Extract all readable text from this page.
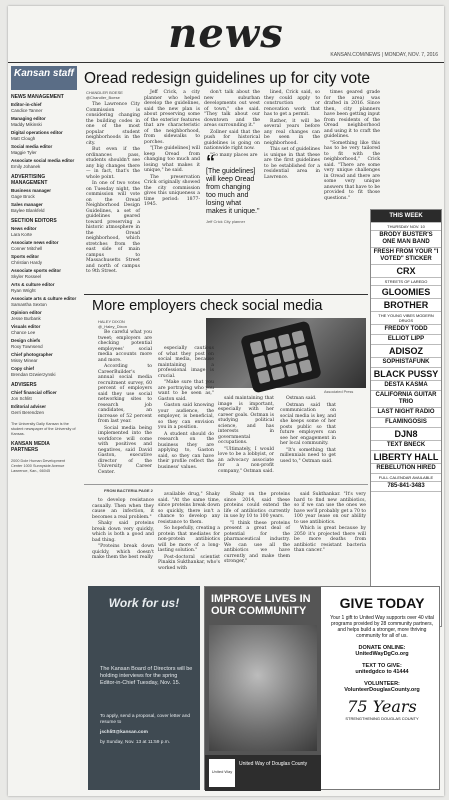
news	KANSAN.COM/NEWS | MONDAY, NOV. 7, 2016
Kansan staff
NEWS MANAGEMENT
Editor-in-chief
Candice Tanner
Managing editor
Maddy Mikinski
Digital operations editor
Matt Clough
Social media editor
Maggie Tyler
Associate social media editor
Emily Johanek
ADVERTISING MANAGEMENT
Business manager
Gage Brock
Sales manager
Baylee Blankfeld
SECTION EDITORS
News editor
Lara Korte
Associate news editor
Conner Mitchell
Sports editor
Christian Hardy
Associate sports editor
Skyler Rosseel
Arts & culture editor
Ryan Wright
Associate arts & culture editor
Samantha Sexton
Opinion editor
Jesse Burbank
Visuals editor
Chance Lee
Design chiefs
Roxy Townsend
Chief photographer
Missy Minear
Copy chief
Brendan Dzwierzynski
ADVISERS
Chief financial officer
Jon Schlitt
Editorial adviser
Gerri Berendzen
The University Daily Kansan is the student newspaper of the University of Kansas.
KANSAN MEDIA PARTNERS
2000 Dole Human Development Center 1000 Sunnyside Avenue Lawrence, Kan., 66045
Oread redesign guidelines up for city vote
CHANDLER BOESE
@Chandler_Boese

The Lawrence City Commission is considering changing the building codes in one of the most popular student neighborhoods in the city.

But even if the ordinances pass, students shouldn't see any big changes there — in fact, that's the whole point.

In one of two votes on Tuesday night, the commission will vote on the Oread Neighborhood Design Guidelines, a set of guidelines geared toward preserving a historic atmosphere in the Oread neighborhood, which stretches from the east side of main campus to Massachusetts Street and north of campus to 9th Street.

Jeff Crick, a city planner who helped develop the guidelines, said the new plan is about preserving some of the exterior features that are characteristic of the neighborhood, from sidewalks to porches.

"[The guidelines] will keep Oread from changing too much and losing what makes it unique," he said.

The preservation Crick originally showed the city commission gives this uniqueness a time period: 1877-1945.

don't talk about the new suburban developments out west of town," she said. "They talk about our downtown and the areas surrounding it."

Zollner said that the push for historical guidelines is going on nationwide right now.

"So many places are

“
[The guidelines] will keep Oread from changing too much and losing what makes it unique."
Jeff Crick City planner

lined, Crick said, so they could apply to construction or renovation work that has to get a permit.

Rather, it will be several years before any real changes can be seen in the neighborhood.

This set of guidelines is unique in that these are the first guidelines to be established for a residential area in Lawrence.

times geared grade for the area) was drafted in 2016. Since then, city planners have been getting input from residents of the Oread neighborhood and using it to craft the guidelines.

"Something like this has to be very tailored to fit with the neighborhood," Crick said. "There are some very unique challenges in Oread and there are some very unique answers that have to be provided to fit those questions."

More employers check social media
HALEY DIXON
@_Haley_Dixon

Be careful what you tweet; employers are checking potential employees' social media accounts more and more.

According to CareerBuilder's annual social media recruitment survey, 60 percent of employers said they use social networking sites to research job candidates, an increase of 52 percent from last year.

Social media being implemented into the workforce will come with positives and negatives, said David Gaston, executive director of the University Career Center.

Associated Press

especially cautious of what they post on social media, because maintaining a professional image is crucial.

"Make sure that you are portraying who you want to be seen as," Gaston said.

Gaston said knowing your audience, the employer, is beneficial, so they can envision you in a position.

A student should do research on the business they are applying to, Gaston said, so they can have their profile reflect the business' values.

said maintaining that image is important, especially with her career goals. Ostman is studying political science, and has interests in governmental occupations.

"Ultimately, I would love to be a lobbyist, or an advocacy associate for a non-profit company," Ostman said.

Ostman said.

Ostman said that communication on social media is key, and she keeps some of her posts public so that future employers can see her engagement in her local community.

"It's something that millennials need to get used to," Ostman said.

FROM BACTERIA PAGE 2

to develop resistance casually. Then when they cause an infection, it becomes a real problem."

Shaky said proteins break down very quickly, which is both a good and bad thing.

"Proteins break down quickly, which doesn't make them the best really

available drug," Shaky said. "At the same time, since proteins break down so quickly, there isn't a chance to develop any resistance to them.

So hopefully, creating a protein that mediates for non-protein antibiotics will be more of a long-lasting solution."

Post-doctoral scientist Pinakin Sukthankar, who's worked with

Shaky on the proteins since 2014, said these proteins could extend the life of antibiotics currently in use by 10 to 100 years.

"I think these proteins present a great deal of potential for the pharmaceutical industry. We can use all the antibiotics we have currently and make them stronger,"

said Sukthankar. "It's very hard to find new antibiotics, so if we can use the ones we have we'll probably get a 70 to 100 year lease on our ability to use antibiotics.

Which is great because by 2050 it's projected there will be more deaths from antibiotic resistant bacteria than cancer."

THIS WEEK
THURSDAY NOV. 10
BRODY BUSTER'S ONE MAN BAND
FRESH FROM YOUR "I VOTED" STICKER
CRX
STREETS OF LAREDO
GLOOMIES
BROTHER
THE YOUNG VIBES MODERN DRUGS
FREDDY TODD
ELLIOT LIPP
ADISOZ
SOPHISTAFUNK
BLACK PUSSY
DESTA KASMA
CALIFORNIA GUITAR TRIO
LAST NIGHT RADIO
FLAMINGOSIS
DJN8
TEXT BNECK
LIBERTY HALL
REBELUTION HIRED
FULL CALENDAR AVAILABLE
785-841-3483
Work for us!
The Kansan Board of Directors will be holding interviews for the spring Editor-in-Chief Tuesday, Nov. 15.
To apply, send a proposal, cover letter and resume to
jschlitt@kansan.com
by Sunday, Nov. 13 at 11:59 p.m.
IMPROVE LIVES IN OUR COMMUNITY
United Way
United Way of Douglas County
GIVE TODAY
Your 1 gift to United Way supports over 40 vital programs provided by 28 community partners, and helps build a stronger, more thriving community for all of us.
DONATE ONLINE:
UnitedWayDgCo.org
TEXT TO GIVE:
unitedgdco to 41444
VOLUNTEER:
VolunteerDouglasCounty.org
75 Years
STRENGTHENING DOUGLAS COUNTY
